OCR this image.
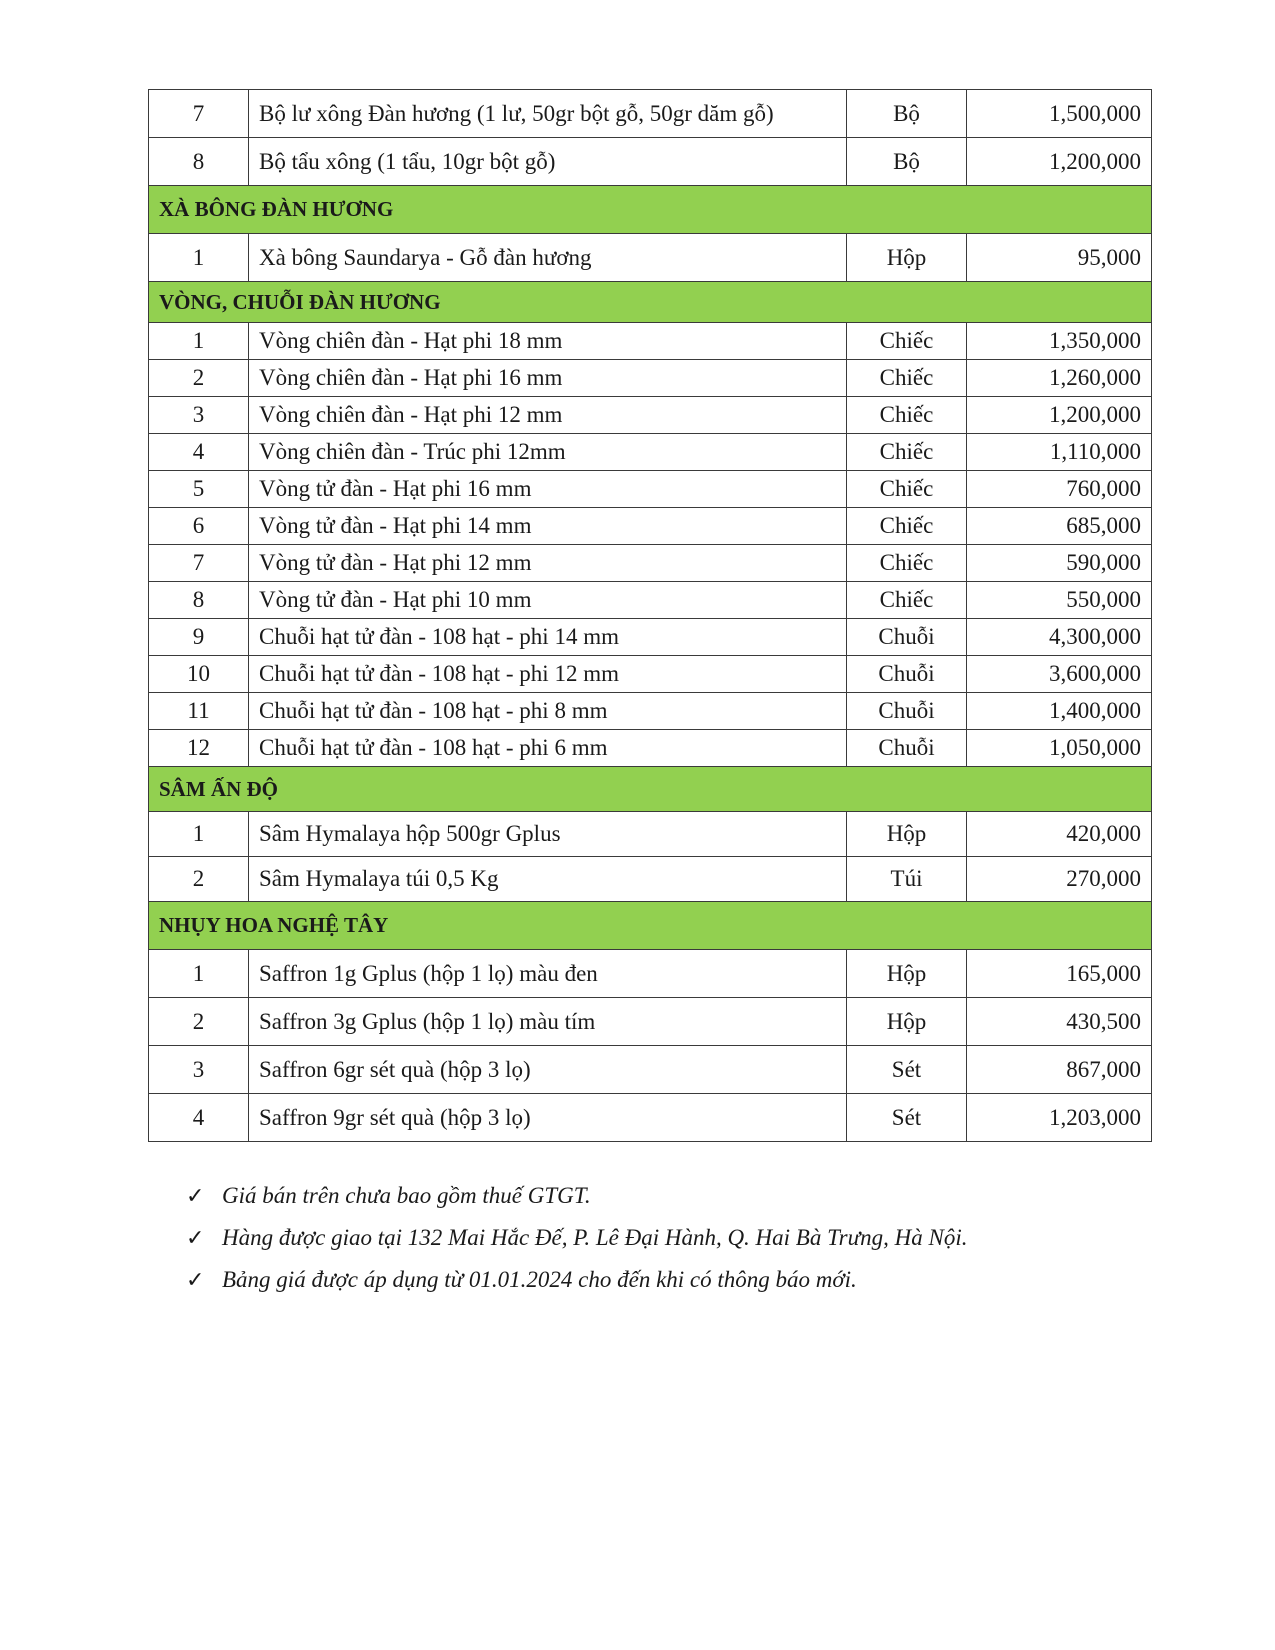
7	Bộ lư xông Đàn hương (1 lư, 50gr bột gỗ, 50gr dăm gỗ)	Bộ	1,500,000
8	Bộ tẩu xông (1 tẩu, 10gr bột gỗ)	Bộ	1,200,000
XÀ BÔNG ĐÀN HƯƠNG			
1	Xà bông Saundarya - Gỗ đàn hương	Hộp	95,000
VÒNG, CHUỖI ĐÀN HƯƠNG			
1	Vòng chiên đàn - Hạt phi 18 mm	Chiếc	1,350,000
2	Vòng chiên đàn - Hạt phi 16 mm	Chiếc	1,260,000
3	Vòng chiên đàn - Hạt phi 12 mm	Chiếc	1,200,000
4	Vòng chiên đàn - Trúc phi 12mm	Chiếc	1,110,000
5	Vòng tử đàn - Hạt phi 16 mm	Chiếc	760,000
6	Vòng tử đàn - Hạt phi 14 mm	Chiếc	685,000
7	Vòng tử đàn - Hạt phi 12 mm	Chiếc	590,000
8	Vòng tử đàn - Hạt phi 10 mm	Chiếc	550,000
9	Chuỗi hạt tử đàn - 108 hạt - phi 14 mm	Chuỗi	4,300,000
10	Chuỗi hạt tử đàn - 108 hạt - phi 12 mm	Chuỗi	3,600,000
11	Chuỗi hạt tử đàn - 108 hạt - phi 8 mm	Chuỗi	1,400,000
12	Chuỗi hạt tử đàn - 108 hạt - phi 6 mm	Chuỗi	1,050,000
SÂM ẤN ĐỘ			
1	Sâm Hymalaya hộp 500gr Gplus	Hộp	420,000
2	Sâm Hymalaya túi 0,5 Kg	Túi	270,000
NHỤY HOA NGHỆ TÂY			
1	Saffron 1g Gplus (hộp 1 lọ) màu đen	Hộp	165,000
2	Saffron 3g Gplus (hộp 1 lọ) màu tím	Hộp	430,500
3	Saffron 6gr sét quà (hộp 3 lọ)	Sét	867,000
4	Saffron 9gr sét quà (hộp 3 lọ)	Sét	1,203,000
✓ Giá bán trên chưa bao gồm thuế GTGT.
✓ Hàng được giao tại 132 Mai Hắc Đế, P. Lê Đại Hành, Q. Hai Bà Trưng, Hà Nội.
✓ Bảng giá được áp dụng từ 01.01.2024 cho đến khi có thông báo mới.
